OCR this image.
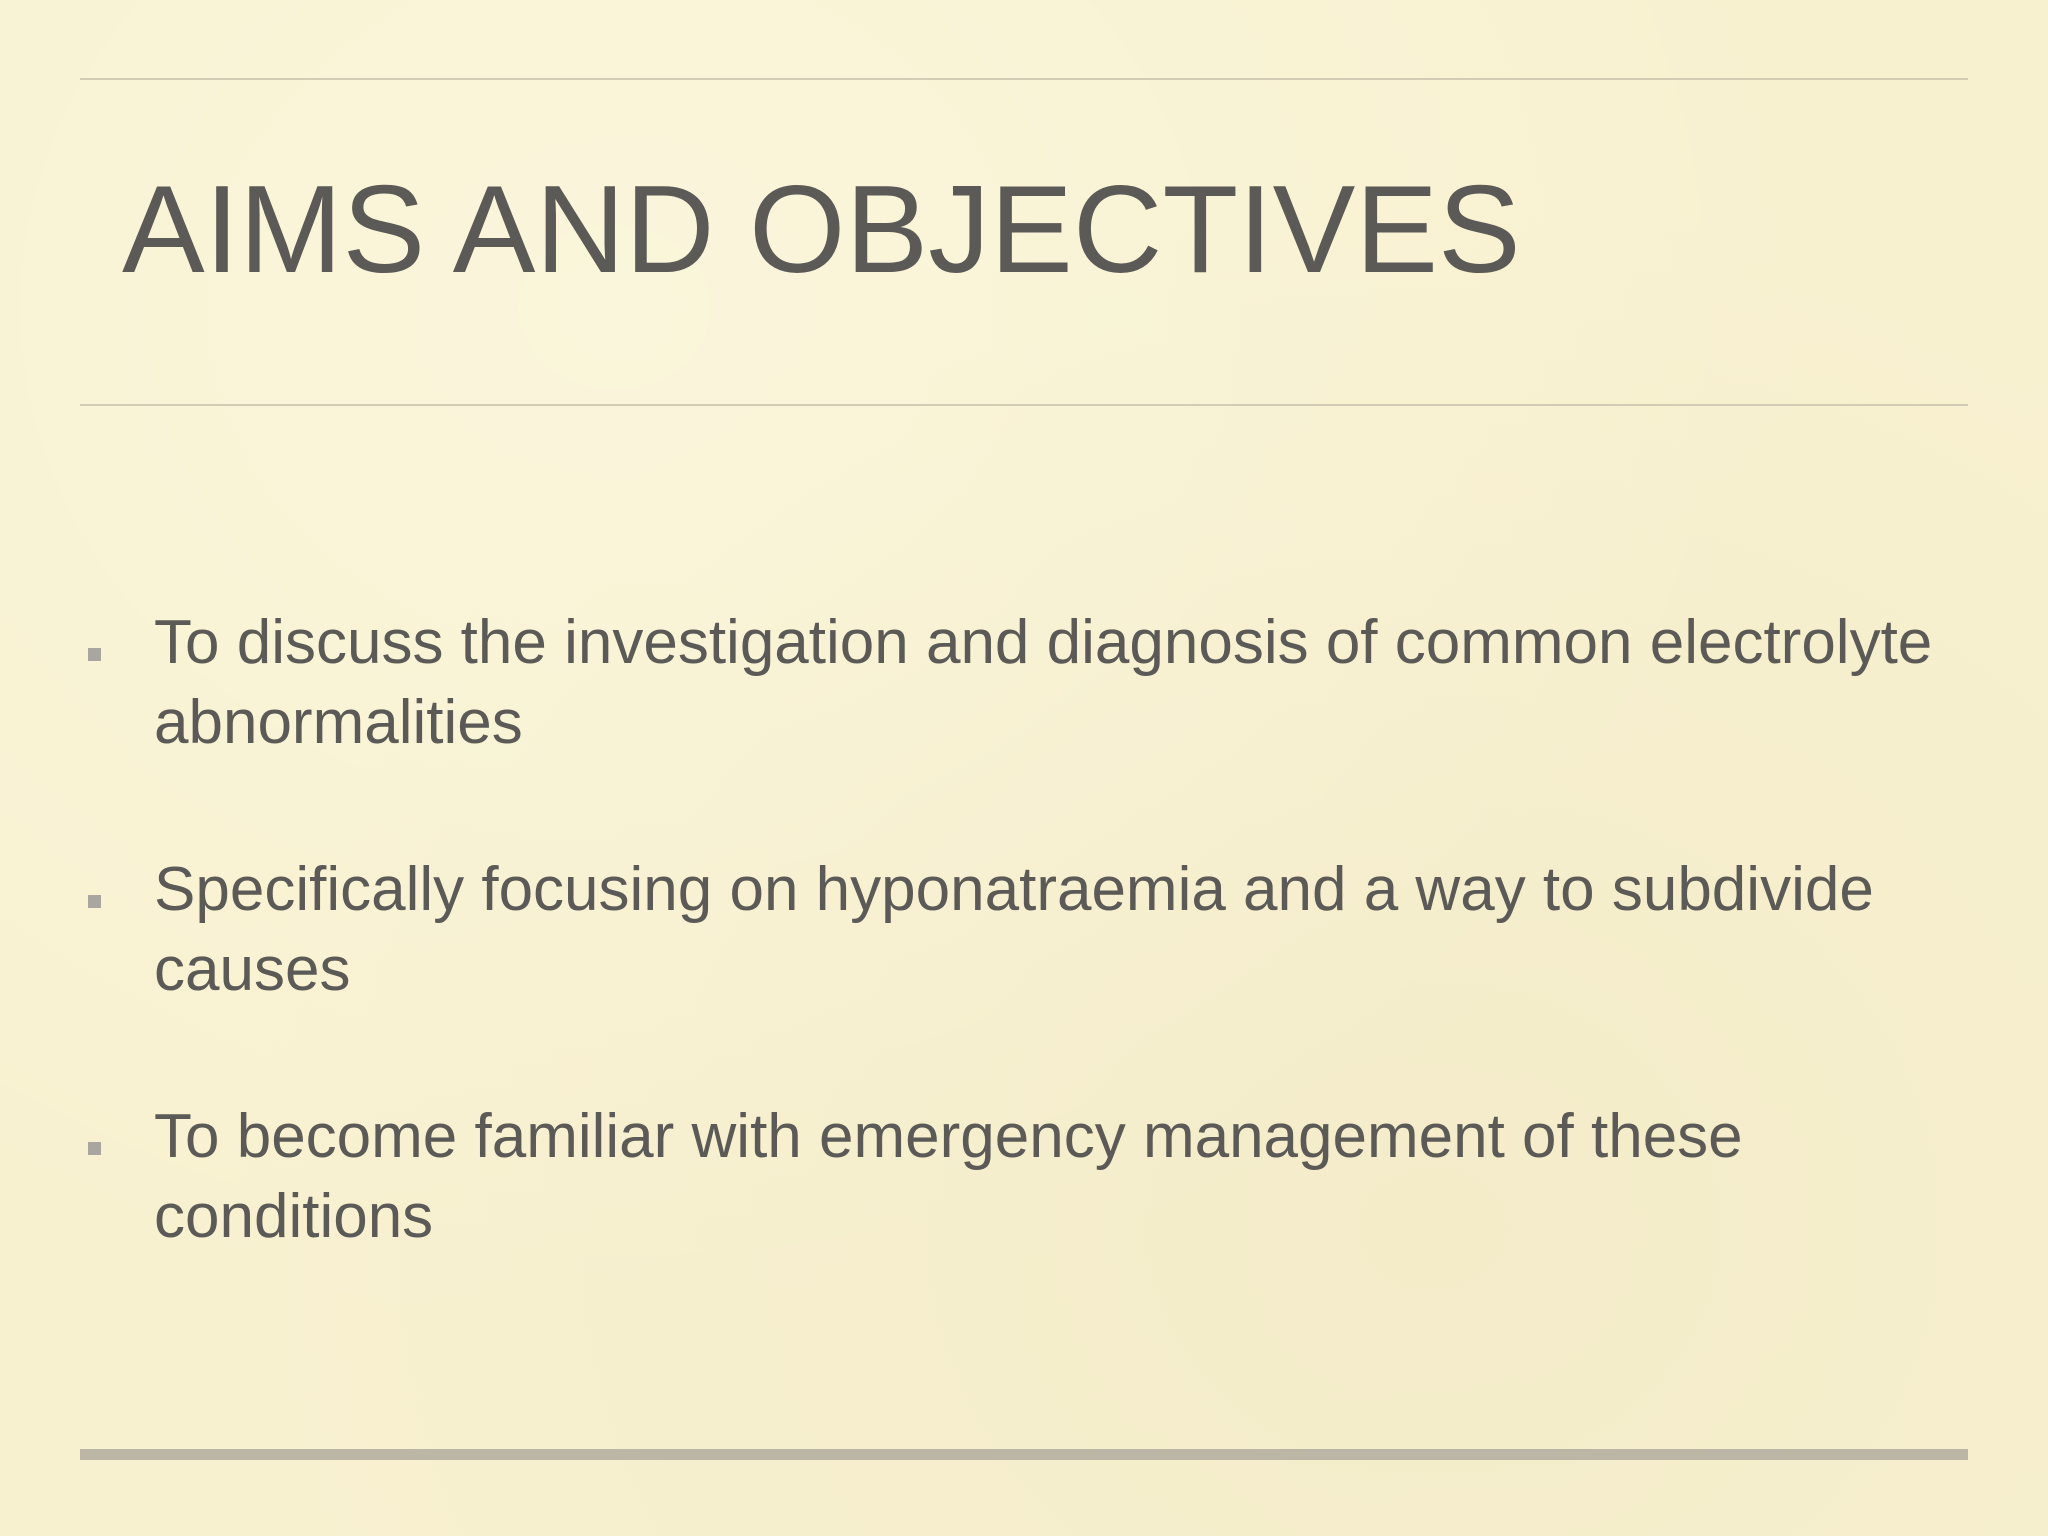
AIMS AND OBJECTIVES
To discuss the investigation and diagnosis of common electrolyte abnormalities
Specifically focusing on hyponatraemia and a way to subdivide causes
To become familiar with emergency management of these conditions
